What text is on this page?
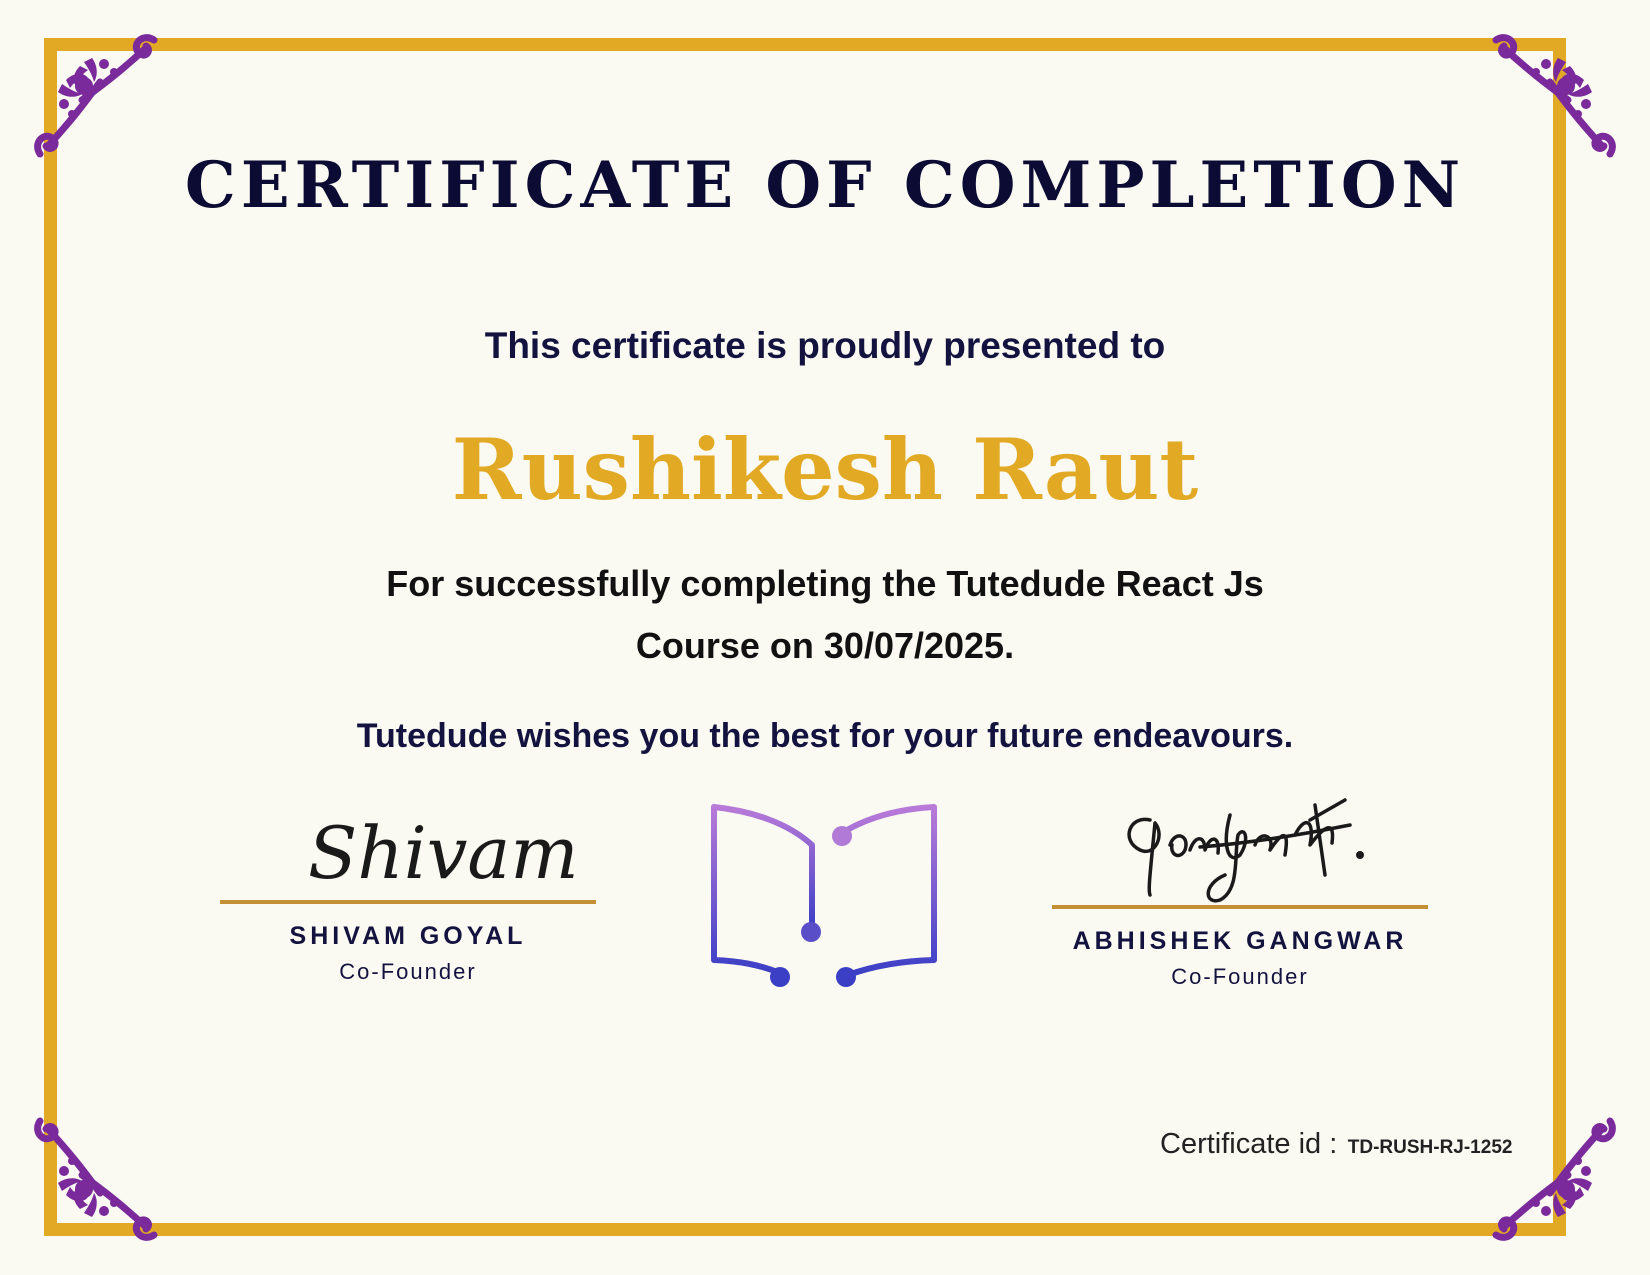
CERTIFICATE OF COMPLETION
This certificate is proudly presented to
Rushikesh Raut
For successfully completing the Tutedude React Js Course on 30/07/2025.
Tutedude wishes you the best for your future endeavours.
Shivam
SHIVAM GOYAL
Co-Founder
ABHISHEK GANGWAR
Co-Founder
Certificate id : TD-RUSH-RJ-1252
